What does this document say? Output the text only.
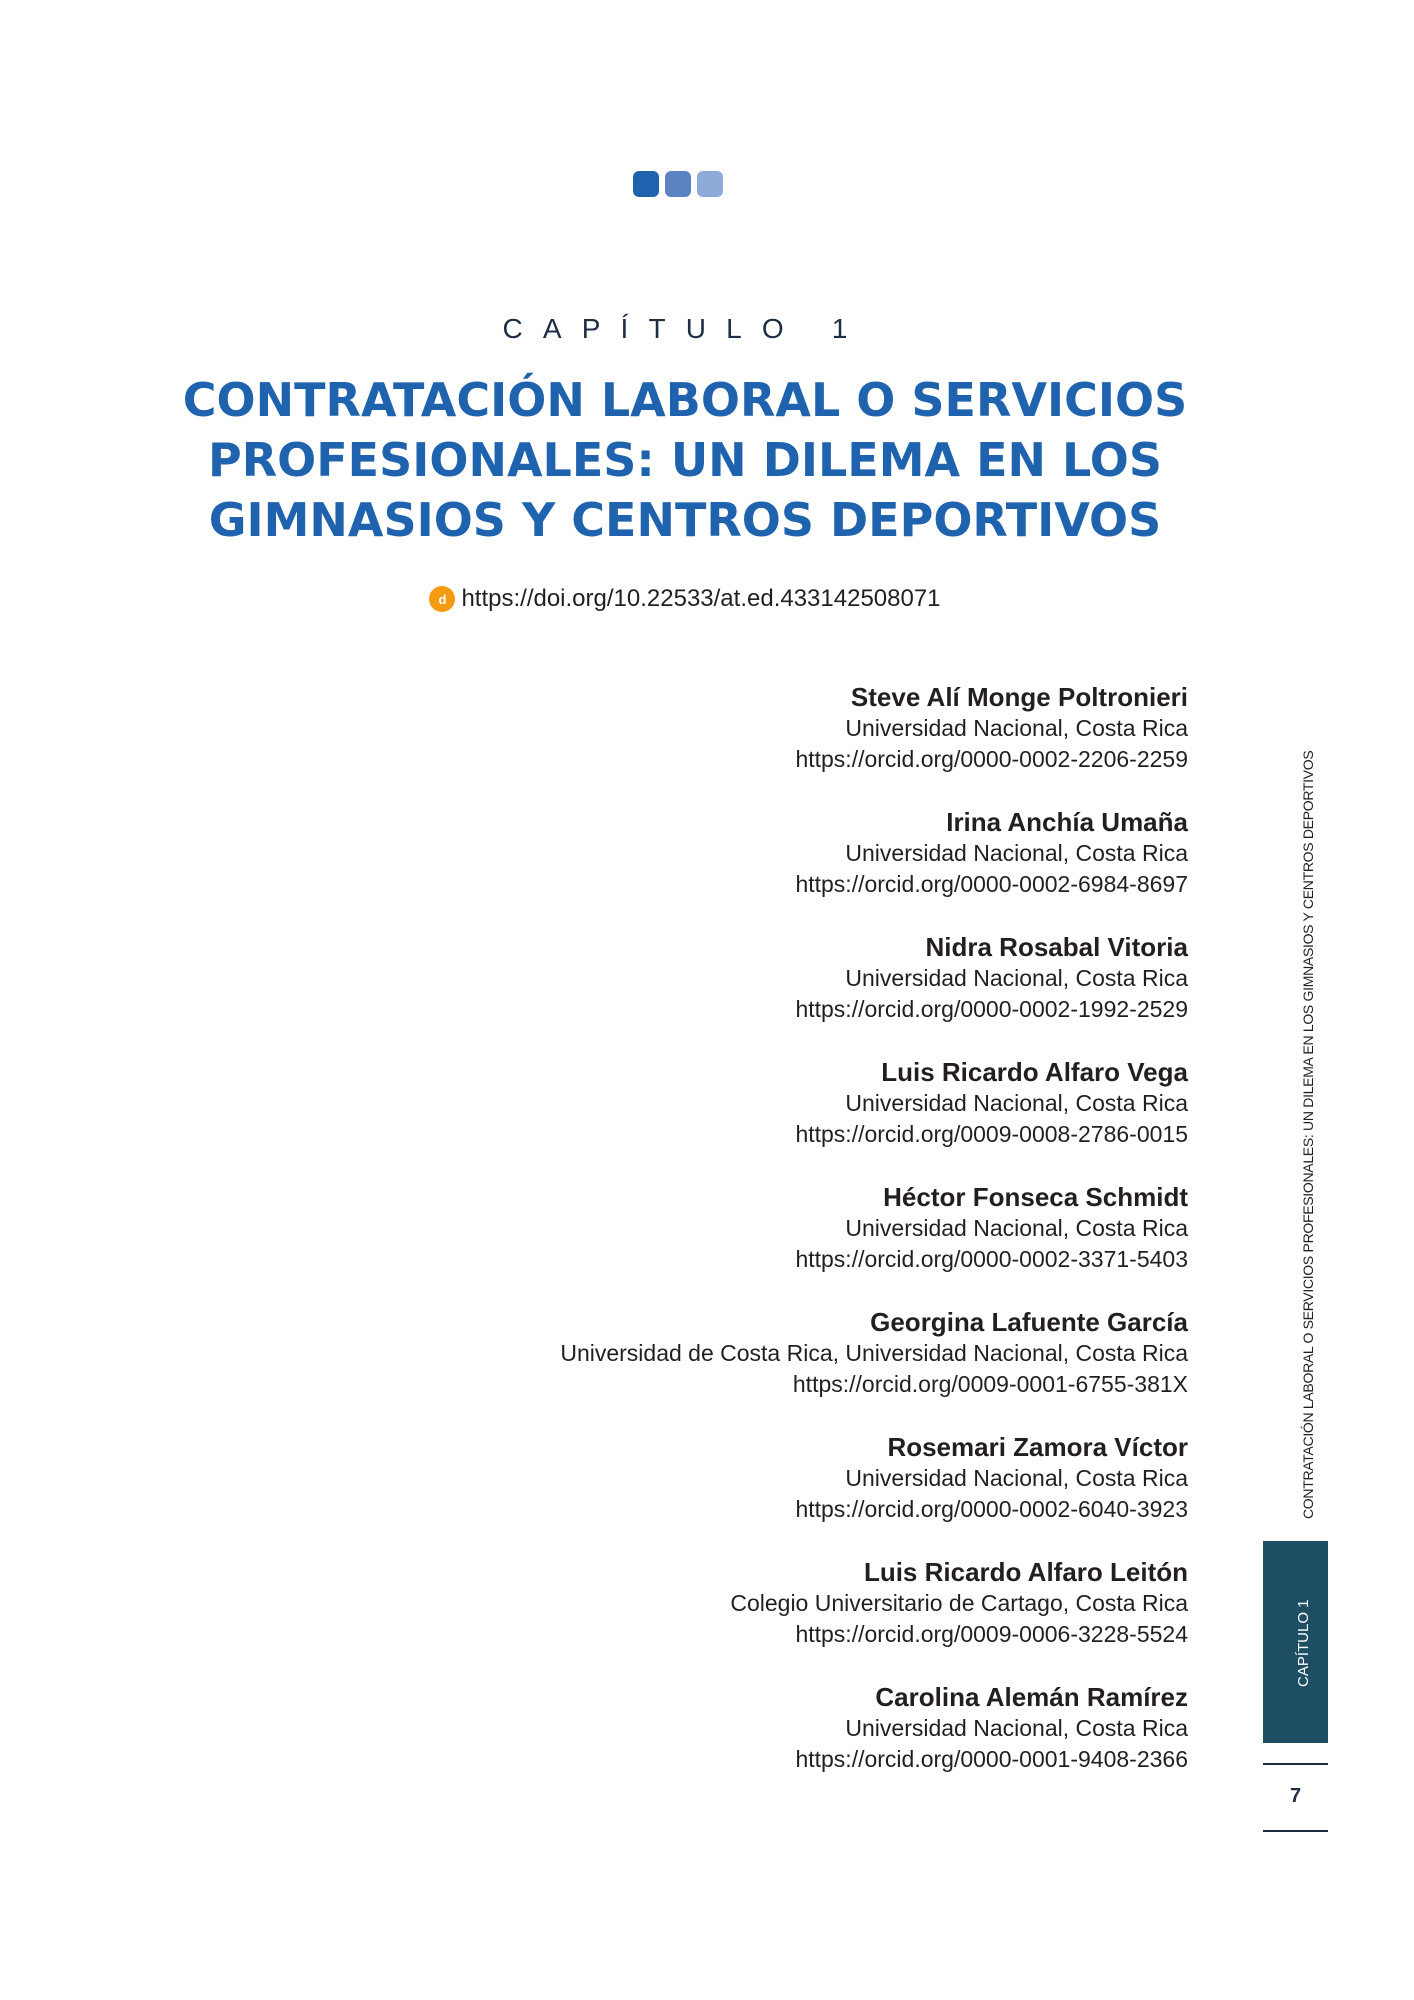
CAPÍTULO 1
CONTRATACIÓN LABORAL O SERVICIOS
PROFESIONALES: UN DILEMA EN LOS
GIMNASIOS Y CENTROS DEPORTIVOS
d https://doi.org/10.22533/at.ed.433142508071
Steve Alí Monge Poltronieri
Universidad Nacional, Costa Rica
https://orcid.org/0000-0002-2206-2259
Irina Anchía Umaña
Universidad Nacional, Costa Rica
https://orcid.org/0000-0002-6984-8697
Nidra Rosabal Vitoria
Universidad Nacional, Costa Rica
https://orcid.org/0000-0002-1992-2529
Luis Ricardo Alfaro Vega
Universidad Nacional, Costa Rica
https://orcid.org/0009-0008-2786-0015
Héctor Fonseca Schmidt
Universidad Nacional, Costa Rica
https://orcid.org/0000-0002-3371-5403
Georgina Lafuente García
Universidad de Costa Rica, Universidad Nacional, Costa Rica
https://orcid.org/0009-0001-6755-381X
Rosemari Zamora Víctor
Universidad Nacional, Costa Rica
https://orcid.org/0000-0002-6040-3923
Luis Ricardo Alfaro Leitón
Colegio Universitario de Cartago, Costa Rica
https://orcid.org/0009-0006-3228-5524
Carolina Alemán Ramírez
Universidad Nacional, Costa Rica
https://orcid.org/0000-0001-9408-2366
CONTRATACIÓN LABORAL O SERVICIOS PROFESIONALES: UN DILEMA EN LOS GIMNASIOS Y CENTROS DEPORTIVOS
CAPÍTULO 1
7
